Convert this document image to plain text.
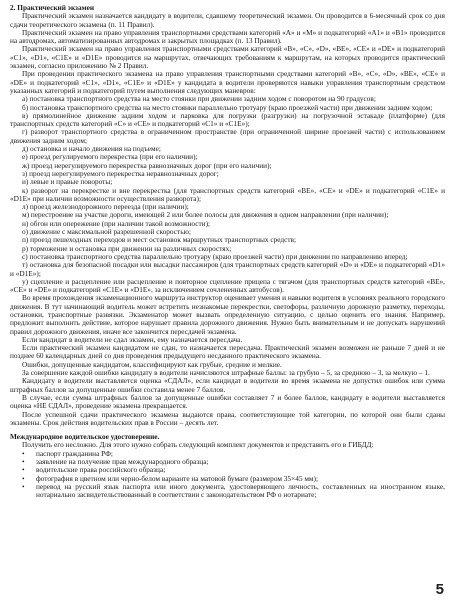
2. Практический экзамен
Практический экзамен назначается кандидату в водители, сдавшему теоретический экзамен. Он проводится в 6-месячный срок со дня сдачи теоретического экзамена (п. 11 Правил).
Практический экзамен на право управления транспортными средствами категорий «А» и «М» и подкатегорий «А1» и «В1» проводится на автодромах, автоматизированных автодромах и закрытых площадках (п. 13 Правил).
Практический экзамен на право управления транспортными средствами категорий «В», «С», «D», «ВЕ», «СЕ» и «DE» и подкатегорий «С1», «D1», «С1Е» и «D1Е» проводится на маршрутах, отвечающих требованиям к маршрутам, на которых проводится практический экзамен, согласно приложению № 2 Правил.
При проведении практического экзамена на право управления транспортными средствами категорий «В», «С», «D», «ВЕ», «СЕ» и «DE» и подкатегорий «С1», «D1», «С1Е» и «D1Е» у кандидата в водители проверяются навыки управления транспортным средством указанных категорий и подкатегорий путем выполнения следующих маневров:
а) постановка транспортного средства на место стоянки при движении задним ходом с поворотом на 90 градусов;
б) постановка транспортного средства на место стоянки параллельно тротуару (краю проезжей части) при движении задним ходом;
в) прямолинейное движение задним ходом и парковка для погрузки (разгрузки) на погрузочной эстакаде (платформе) (для транспортных средств категорий «С» и «СЕ» и подкатегорий «С1» и «С1Е»);
г) разворот транспортного средства в ограниченном пространстве (при ограниченной ширине проезжей части) с использованием движения задним ходом;
д) остановка и начало движения на подъеме;
е) проезд регулируемого перекрестка (при его наличии);
ж) проезд нерегулируемого перекрестка равнозначных дорог (при его наличии);
з) проезд нерегулируемого перекрестка неравнозначных дорог;
и) левые и правые повороты;
к) разворот на перекрестке и вне перекрестка (для транспортных средств категорий «ВЕ», «СЕ» и «DE» и подкатегорий «С1Е» и «D1Е» при наличии возможности осуществления разворота);
л) проезд железнодорожного переезда (при наличии);
м) перестроение на участке дороги, имеющей 2 или более полосы для движения в одном направлении (при наличии);
н) обгон или опережение (при наличии такой возможности);
о) движение с максимальной разрешенной скоростью;
п) проезд пешеходных переходов и мест остановок маршрутных транспортных средств;
р) торможение и остановка при движении на различных скоростях;
с) постановка транспортного средства параллельно тротуару (краю проезжей части) при движении по направлению вперед;
т) остановка для безопасной посадки или высадки пассажиров (для транспортных средств категорий «D» и «DE» и подкатегорий «D1» и «D1Е»);
у) сцепление и расцепление или расцепление и повторное сцепление прицепа с тягачом (для транспортных средств категорий «ВЕ», «СЕ» и «DE» и подкатегорий «С1Е» и «D1Е», за исключением сочлененных автобусов).
Во время прохождения экзаменационного маршрута инструктор оценивает умения и навыки водителя в условиях реального городского движения. В тут начинающий водитель может встретить незнакомые перекрестки, светофоры, различную дорожную разметку, переходы, остановки, транспортные развязки. Экзаменатор может вызвать определенную ситуацию, с целью оценить его знания. Например, предложит выполнить действие, которое нарушает правила дорожного движения. Нужно быть внимательным и не допускать нарушений правил дорожного движения, иначе все закончится пересдачей экзамена.
Если кандидат в водители не сдал экзамен, ему назначается пересдача.
Если практический экзамен кандидатом не сдан, то назначается пересдача. Практический экзамен возможен не раньше 7 дней и не позднее 60 календарных дней со дня проведения предыдущего несданного практического экзамена.
Ошибки, допущенные кандидатом, классифицируют как грубые, средние и мелкие.
За совершение каждой ошибки кандидату в водители начисляются штрафные баллы: за грубую – 5, за среднюю – 3, за мелкую – 1.
Кандидату в водители выставляется оценка «СДАЛ», если кандидат в водители во время экзамена не допустил ошибок или сумма штрафных баллов за допущенные ошибки составила менее 7 баллов.
В случае, если сумма штрафных баллов за допущенные ошибки составляет 7 и более баллов, кандидату в водители выставляется оценка «НЕ СДАЛ», проведение экзамена прекращается.
После успешной сдачи практического экзамена выдаются права, соответствующие той категории, по которой они были сданы экзамены. Срок действия водительских прав в России – десять лет.
Международное водительское удостоверение.
Получить его несложно. Для этого нужно собрать следующий комплект документов и представить его в ГИБДД:
• паспорт гражданина РФ;
• заявление на получение прав международного образца;
• водительские права российского образца;
• фотография в цветном или черно-белом варианте на матовой бумаге (размером 35×45 мм);
• перевод на русский язык паспорта или иного документа, удостоверяющего личность, составленных на иностранном языке, нотариально засвидетельствованный в соответствии с законодательством РФ о нотариате;
5
